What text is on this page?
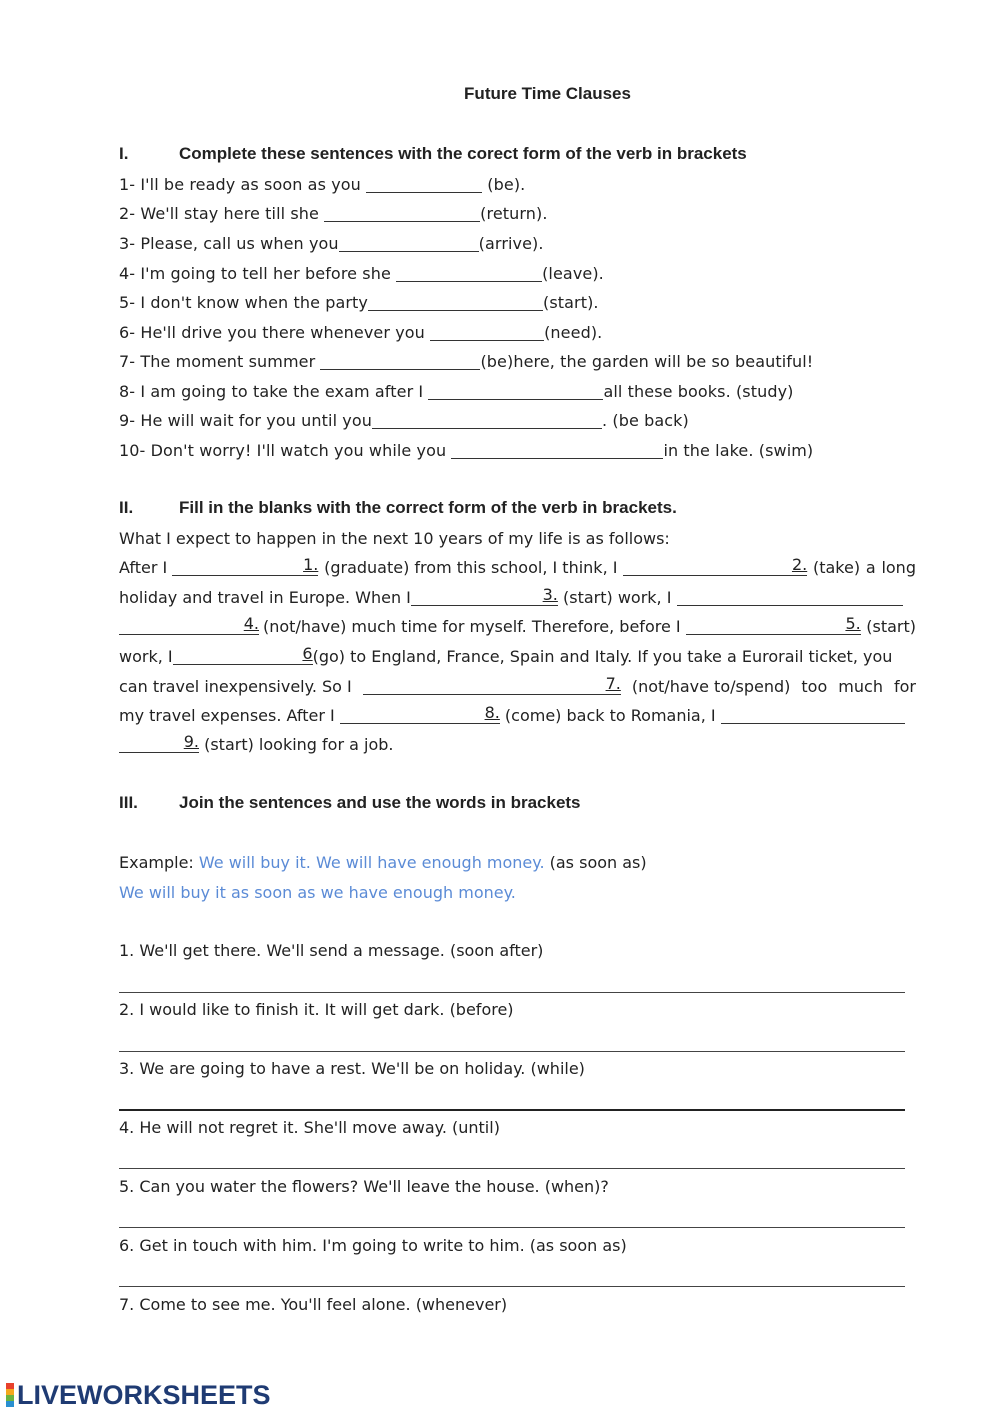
Future Time Clauses
I.	Complete these sentences with the corect form of the verb in brackets
1- I'll be ready as soon as you	(be).
2- We'll stay here till she	(return).
3- Please, call us when you	(arrive).
4- I'm going to tell her before she	(leave).
5- I don't know when the party	(start).
6- He'll drive you there whenever you	(need).
7- The moment summer	(be)here, the garden will be so beautiful!
8- I am going to take the exam after I	all these books. (study)
9- He will wait for you until you	. (be back)
10- Don't worry! I'll watch you while you	in the lake. (swim)
II.	Fill in the blanks with the correct form of the verb in brackets.
What I expect to happen in the next 10 years of my life is as follows:
After I	1. (graduate) from this school, I think, I	2. (take) a long
holiday and travel in Europe. When I	3. (start) work, I
4. (not/have) much time for myself. Therefore, before I	5. (start)
work, I	6 (go) to England, France, Spain and Italy. If you take a Eurorail ticket, you
can travel inexpensively. So I	7. (not/have to/spend) too much for
my travel expenses. After I	8. (come) back to Romania, I
9. (start) looking for a job.
III. Join the sentences and use the words in brackets
Example: We will buy it. We will have enough money. (as soon as)
We will buy it as soon as we have enough money.
1. We'll get there. We'll send a message. (soon after)
2. I would like to finish it. It will get dark. (before)
3. We are going to have a rest. We'll be on holiday. (while)
4. He will not regret it. She'll move away. (until)
5. Can you water the flowers? We'll leave the house. (when)?
6. Get in touch with him. I'm going to write to him. (as soon as)
7. Come to see me. You'll feel alone. (whenever)
LIVEWORKSHEETS
